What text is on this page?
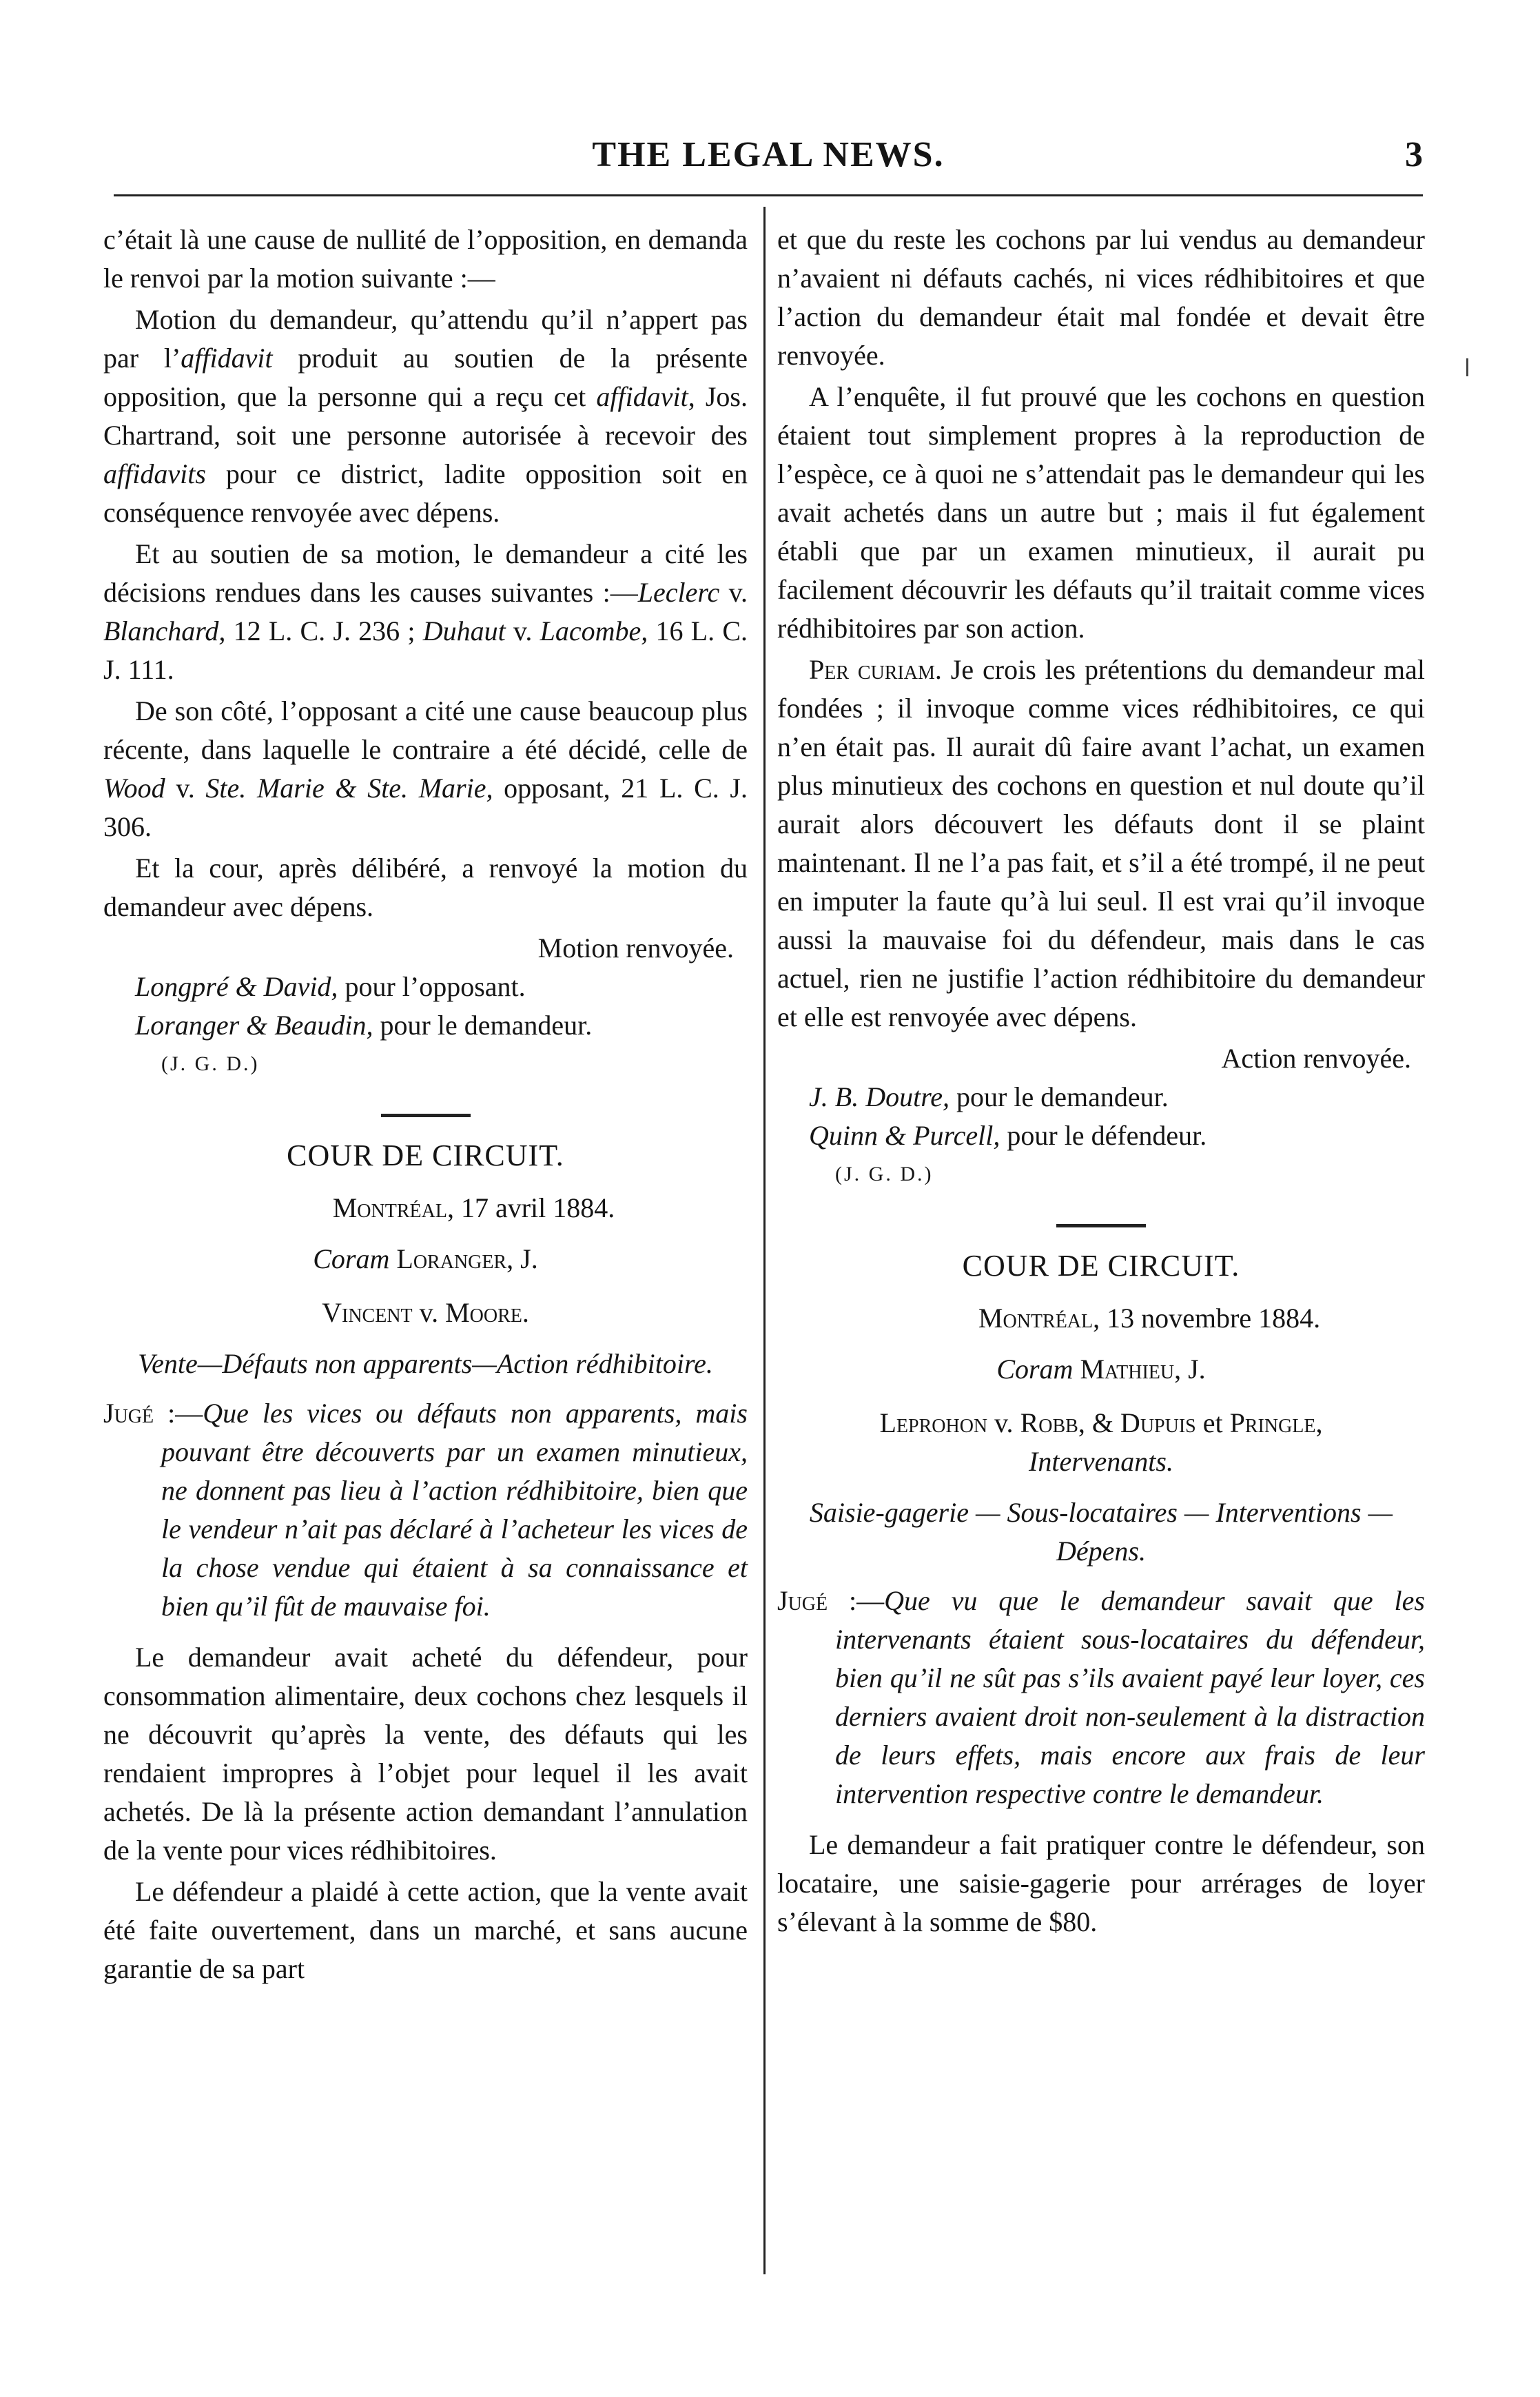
THE LEGAL NEWS.	3

c’était là une cause de nullité de l’opposition, en demanda le renvoi par la motion suivante :—

Motion du demandeur, qu’attendu qu’il n’appert pas par l’affidavit produit au soutien de la présente opposition, que la personne qui a reçu cet affidavit, Jos. Chartrand, soit une personne autorisée à recevoir des affidavits pour ce district, ladite opposition soit en conséquence renvoyée avec dépens.

Et au soutien de sa motion, le demandeur a cité les décisions rendues dans les causes suivantes :—Leclerc v. Blanchard, 12 L. C. J. 236 ; Duhaut v. Lacombe, 16 L. C. J. 111.

De son côté, l’opposant a cité une cause beaucoup plus récente, dans laquelle le contraire a été décidé, celle de Wood v. Ste. Marie & Ste. Marie, opposant, 21 L. C. J. 306.

Et la cour, après délibéré, a renvoyé la motion du demandeur avec dépens.

Motion renvoyée.
Longpré & David, pour l’opposant.
Loranger & Beaudin, pour le demandeur.
(J. G. D.)
COUR DE CIRCUIT.
Montréal, 17 avril 1884.
Coram Loranger, J.
Vincent v. Moore.
Vente—Défauts non apparents—Action rédhibitoire.
Jugé :—Que les vices ou défauts non apparents, mais pouvant être découverts par un examen minutieux, ne donnent pas lieu à l’action rédhibitoire, bien que le vendeur n’ait pas déclaré à l’acheteur les vices de la chose vendue qui étaient à sa connaissance et bien qu’il fût de mauvaise foi.

Le demandeur avait acheté du défendeur, pour consommation alimentaire, deux cochons chez lesquels il ne découvrit qu’après la vente, des défauts qui les rendaient impropres à l’objet pour lequel il les avait achetés. De là la présente action demandant l’annulation de la vente pour vices rédhibitoires.

Le défendeur a plaidé à cette action, que la vente avait été faite ouvertement, dans un marché, et sans aucune garantie de sa part

et que du reste les cochons par lui vendus au demandeur n’avaient ni défauts cachés, ni vices rédhibitoires et que l’action du demandeur était mal fondée et devait être renvoyée.

A l’enquête, il fut prouvé que les cochons en question étaient tout simplement propres à la reproduction de l’espèce, ce à quoi ne s’attendait pas le demandeur qui les avait achetés dans un autre but ; mais il fut également établi que par un examen minutieux, il aurait pu facilement découvrir les défauts qu’il traitait comme vices rédhibitoires par son action.

Per curiam. Je crois les prétentions du demandeur mal fondées ; il invoque comme vices rédhibitoires, ce qui n’en était pas. Il aurait dû faire avant l’achat, un examen plus minutieux des cochons en question et nul doute qu’il aurait alors découvert les défauts dont il se plaint maintenant. Il ne l’a pas fait, et s’il a été trompé, il ne peut en imputer la faute qu’à lui seul. Il est vrai qu’il invoque aussi la mauvaise foi du défendeur, mais dans le cas actuel, rien ne justifie l’action rédhibitoire du demandeur et elle est renvoyée avec dépens.

Action renvoyée.
J. B. Doutre, pour le demandeur.
Quinn & Purcell, pour le défendeur.
(J. G. D.)
COUR DE CIRCUIT.
Montréal, 13 novembre 1884.
Coram Mathieu, J.
Leprohon v. Robb, & Dupuis et Pringle,
Intervenants.
Saisie-gagerie — Sous-locataires — Interventions —Dépens.
Jugé :—Que vu que le demandeur savait que les intervenants étaient sous-locataires du défendeur, bien qu’il ne sût pas s’ils avaient payé leur loyer, ces derniers avaient droit non-seulement à la distraction de leurs effets, mais encore aux frais de leur intervention respective contre le demandeur.

Le demandeur a fait pratiquer contre le défendeur, son locataire, une saisie-gagerie pour arrérages de loyer s’élevant à la somme de $80.
